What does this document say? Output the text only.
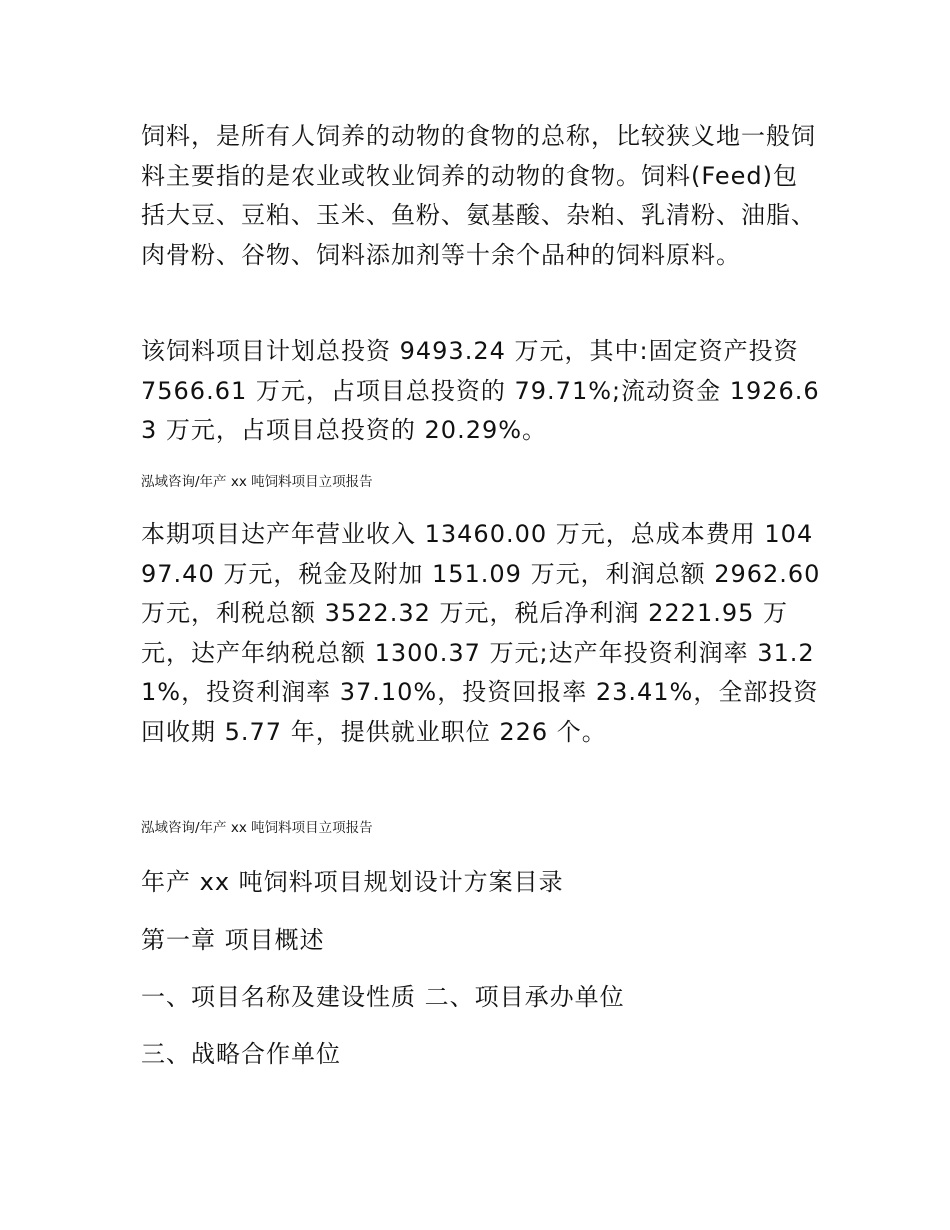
饲料，是所有人饲养的动物的食物的总称，比较狭义地一般饲料主要指的是农业或牧业饲养的动物的食物。饲料(Feed)包括大豆、豆粕、玉米、鱼粉、氨基酸、杂粕、乳清粉、油脂、肉骨粉、谷物、饲料添加剂等十余个品种的饲料原料。

该饲料项目计划总投资 9493.24 万元，其中:固定资产投资 7566.61 万元，占项目总投资的 79.71%;流动资金 1926.63 万元，占项目总投资的 20.29%。

泓域咨询/年产 xx 吨饲料项目立项报告

本期项目达产年营业收入 13460.00 万元，总成本费用 10497.40 万元，税金及附加 151.09 万元，利润总额 2962.60 万元，利税总额 3522.32 万元，税后净利润 2221.95 万元，达产年纳税总额 1300.37 万元;达产年投资利润率 31.21%，投资利润率 37.10%，投资回报率 23.41%，全部投资回收期 5.77 年，提供就业职位 226 个。

泓域咨询/年产 xx 吨饲料项目立项报告

年产 xx 吨饲料项目规划设计方案目录

第一章 项目概述

一、项目名称及建设性质 二、项目承办单位

三、战略合作单位
